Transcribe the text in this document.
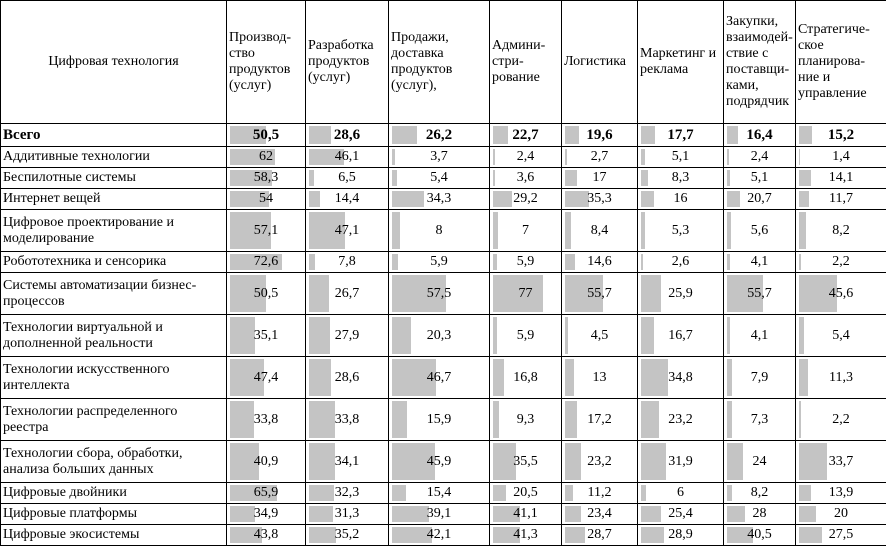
Цифровая технология	Производ-ство продуктов (услуг)	Разработка продуктов (услуг)	Продажи, доставка продуктов (услуг),	Админи-стри-рование	Логистика	Маркетинг и реклама	Закупки, взаимодей-ствие с поставщи-ками, подрядчик	Стратегиче-ское планирова-ние и управление
Всего	50,5	28,6	26,2	22,7	19,6	17,7	16,4	15,2

Аддитивные технологии	62	46,1	3,7	2,4	2,7	5,1	2,4	1,4

Беспилотные системы	58,3	6,5	5,4	3,6	17	8,3	5,1	14,1

Интернет вещей	54	14,4	34,3	29,2	35,3	16	20,7	11,7

Цифровое проектирование и моделирование	57,1	47,1	8	7	8,4	5,3	5,6	8,2

Робототехника и сенсорика	72,6	7,8	5,9	5,9	14,6	2,6	4,1	2,2

Системы автоматизации бизнес-процессов	50,5	26,7	57,5	77	55,7	25,9	55,7	45,6

Технологии виртуальной и дополненной реальности	35,1	27,9	20,3	5,9	4,5	16,7	4,1	5,4

Технологии искусственного интеллекта	47,4	28,6	46,7	16,8	13	34,8	7,9	11,3

Технологии распределенного реестра	33,8	33,8	15,9	9,3	17,2	23,2	7,3	2,2

Технологии сбора, обработки, анализа больших данных	40,9	34,1	45,9	35,5	23,2	31,9	24	33,7

Цифровые двойники	65,9	32,3	15,4	20,5	11,2	6	8,2	13,9

Цифровые платформы	34,9	31,3	39,1	41,1	23,4	25,4	28	20

Цифровые экосистемы	43,8	35,2	42,1	41,3	28,7	28,9	40,5	27,5
